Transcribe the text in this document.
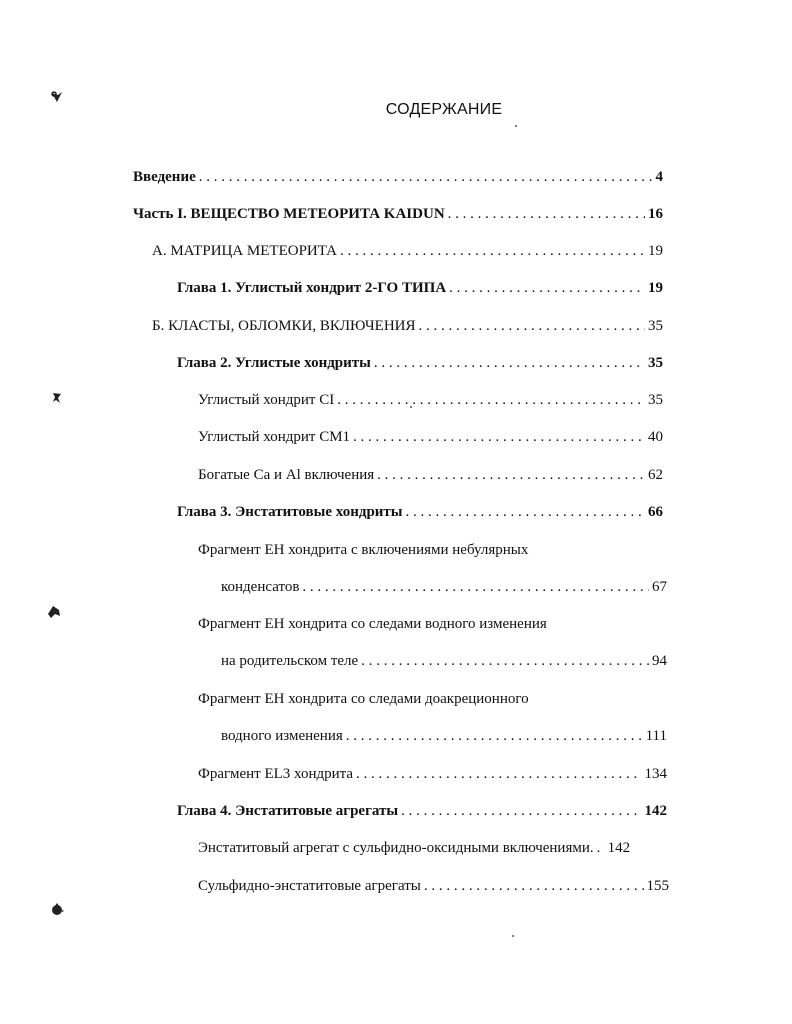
СОДЕРЖАНИЕ
Введение . . .	4
Часть I. ВЕЩЕСТВО МЕТЕОРИТА KAIDUN . . .	16
А. МАТРИЦА МЕТЕОРИТА . . .	19
Глава 1. Углистый хондрит 2-ГО ТИПА . . .	19
Б. КЛАСТЫ, ОБЛОМКИ, ВКЛЮЧЕНИЯ . . .	35
Глава 2. Углистые хондриты . . .	35
Углистый хондрит CI . . .	35
Углистый хондрит CM1 . . .	40
Богатые Ca и Al включения . . .	62
Глава 3. Энстатитовые хондриты . . .	66
Фрагмент ЕН хондрита с включениями небулярных
конденсатов . . .	67
Фрагмент ЕН хондрита со следами водного изменения
на родительском теле . . .	94
Фрагмент ЕН хондрита со следами доакреционного
водного изменения . . .	111
Фрагмент EL3 хондрита . . .	134
Глава 4. Энстатитовые агрегаты . . .	142
Энстатитовый агрегат с сульфидно-оксидными включениями. . . . 142
Сульфидно-энстатитовые агрегаты . . .	155
